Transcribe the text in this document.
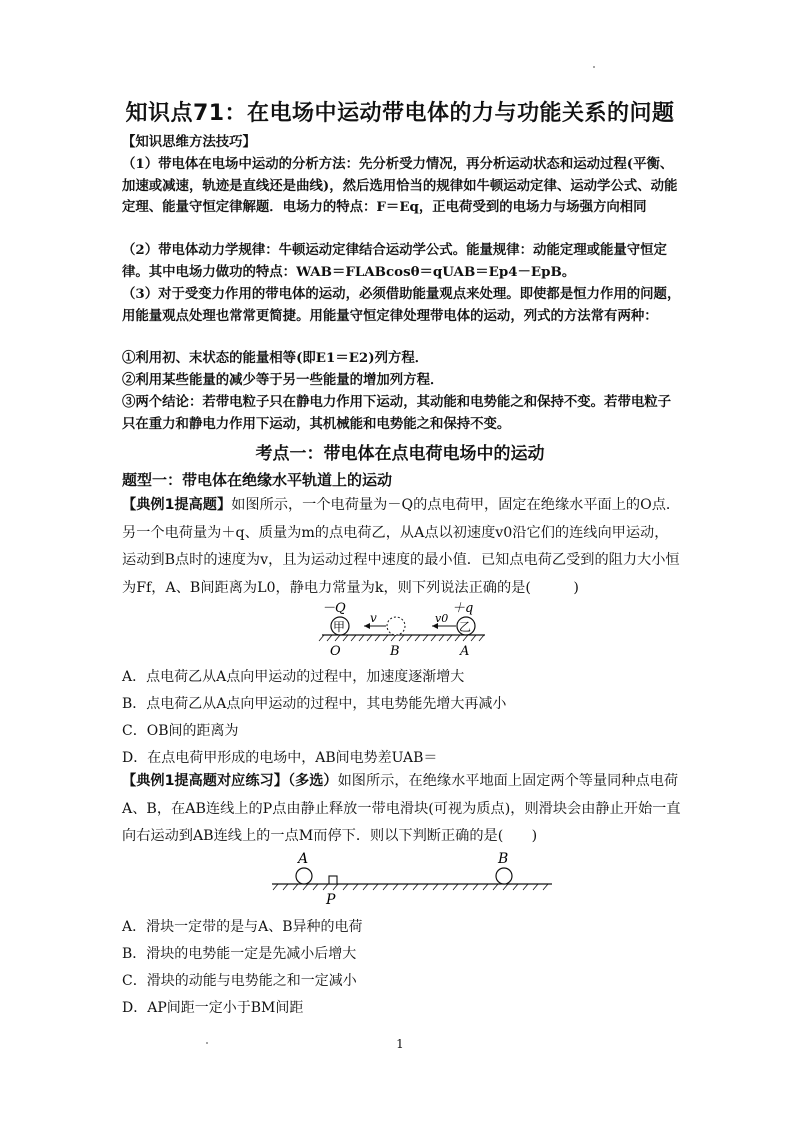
知识点71：在电场中运动带电体的力与功能关系的问题
【知识思维方法技巧】
（1）带电体在电场中运动的分析方法：先分析受力情况，再分析运动状态和运动过程(平衡、加速或减速，轨迹是直线还是曲线)，然后选用恰当的规律如牛顿运动定律、运动学公式、动能定理、能量守恒定律解题．电场力的特点：F＝Eq，正电荷受到的电场力与场强方向相同
（2）带电体动力学规律：牛顿运动定律结合运动学公式。能量规律：动能定理或能量守恒定律。其中电场力做功的特点：WAB＝FLABcosθ＝qUAB＝Ep4－EpB。
（3）对于受变力作用的带电体的运动，必须借助能量观点来处理。即使都是恒力作用的问题，用能量观点处理也常常更简捷。用能量守恒定律处理带电体的运动，列式的方法常有两种：
①利用初、末状态的能量相等(即E1＝E2)列方程．
②利用某些能量的减少等于另一些能量的增加列方程．
③两个结论：若带电粒子只在静电力作用下运动，其动能和电势能之和保持不变。若带电粒子只在重力和静电力作用下运动，其机械能和电势能之和保持不变。
考点一：带电体在点电荷电场中的运动
题型一：带电体在绝缘水平轨道上的运动
【典例1提高题】如图所示，一个电荷量为－Q的点电荷甲，固定在绝缘水平面上的O点．另一个电荷量为＋q、质量为m的点电荷乙，从A点以初速度v0沿它们的连线向甲运动，运动到B点时的速度为v，且为运动过程中速度的最小值．已知点电荷乙受到的阻力大小恒为Ff，A、B间距离为L0，静电力常量为k，则下列说法正确的是(　　　)
－Q	＋q
甲
v	v0
乙
O	B	A
A．点电荷乙从A点向甲运动的过程中，加速度逐渐增大
B．点电荷乙从A点向甲运动的过程中，其电势能先增大再减小
C．OB间的距离为
D．在点电荷甲形成的电场中，AB间电势差UAB＝
【典例1提高题对应练习】（多选）如图所示，在绝缘水平地面上固定两个等量同种点电荷A、B，在AB连线上的P点由静止释放一带电滑块(可视为质点)，则滑块会由静止开始一直向右运动到AB连线上的一点M而停下．则以下判断正确的是(　　)
A	B
P
A．滑块一定带的是与A、B异种的电荷
B．滑块的电势能一定是先减小后增大
C．滑块的动能与电势能之和一定减小
D．AP间距一定小于BM间距
1
